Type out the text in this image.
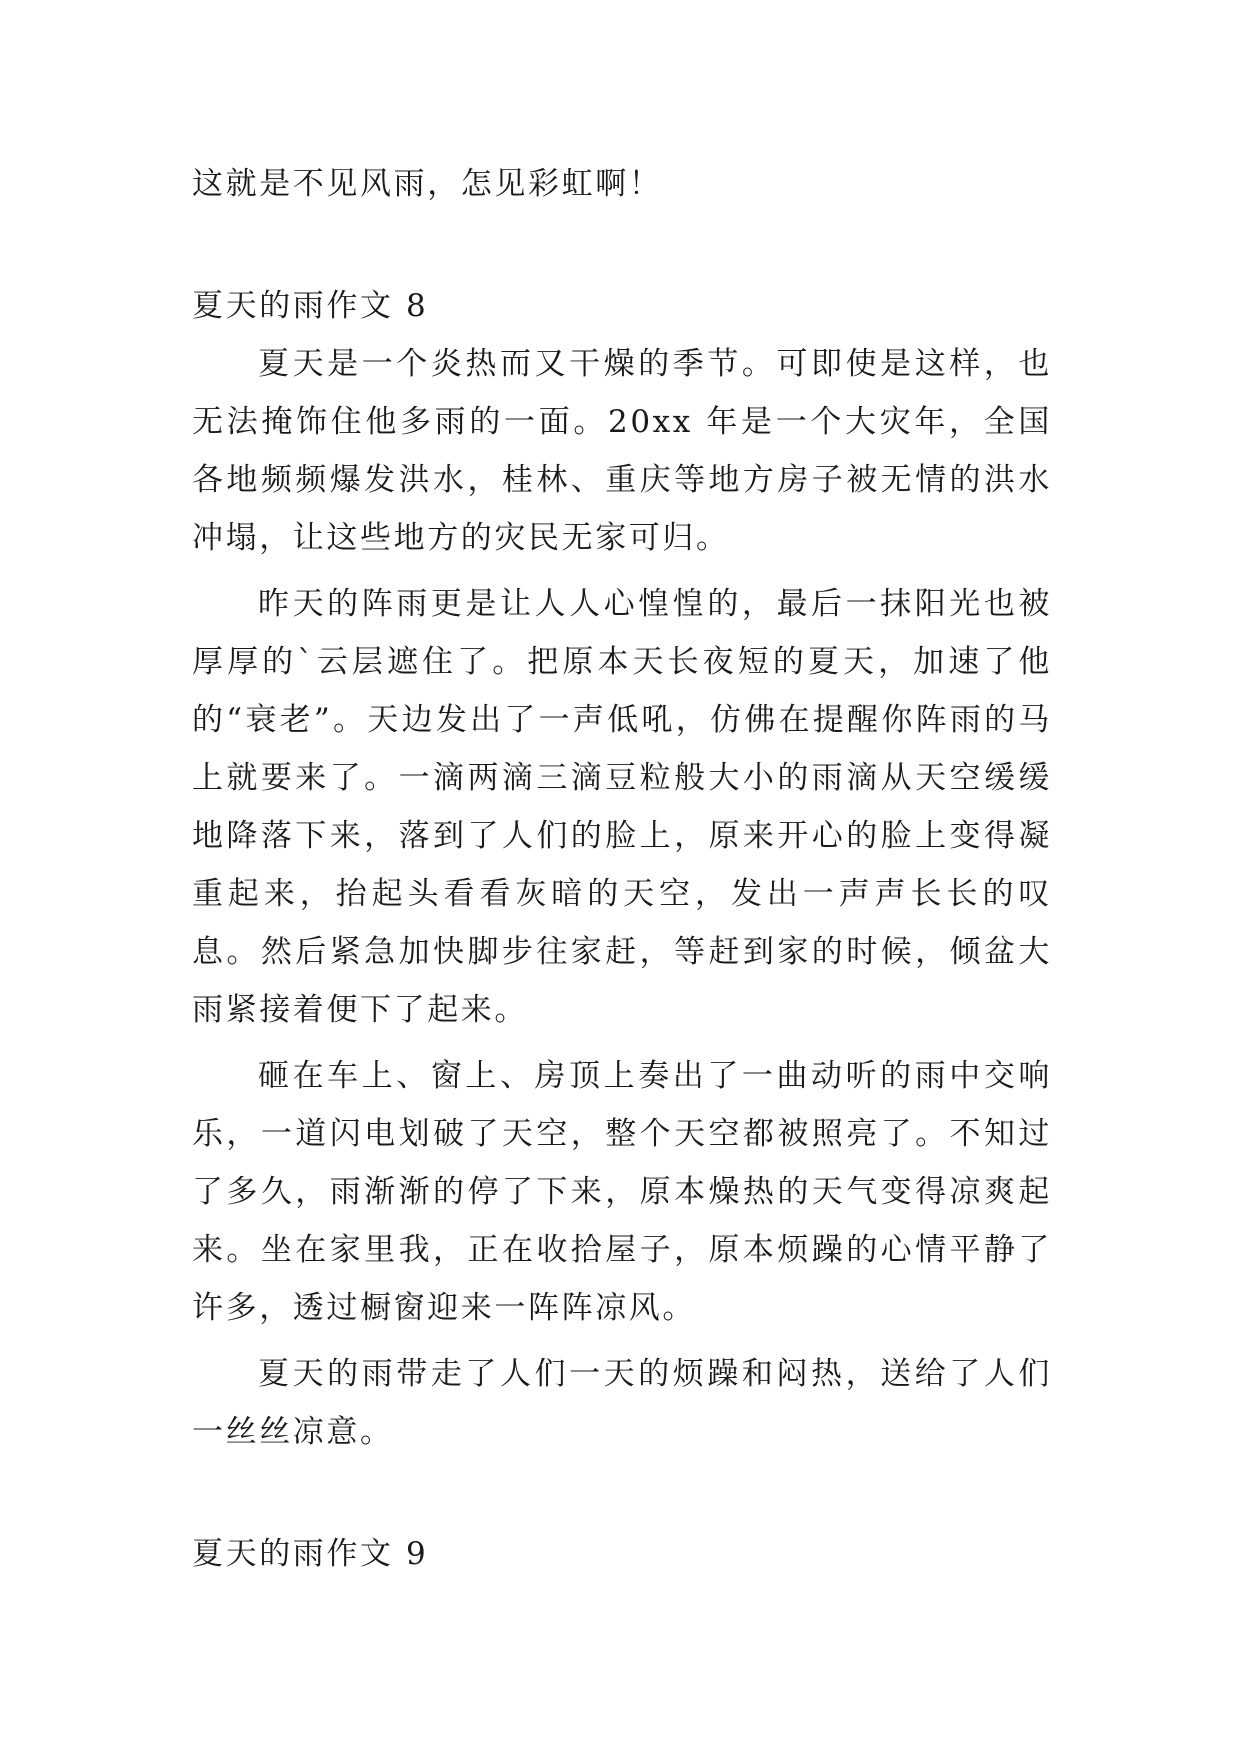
这就是不见风雨，怎见彩虹啊！
夏天的雨作文 8

夏天是一个炎热而又干燥的季节。可即使是这样，也无法掩饰住他多雨的一面。20xx 年是一个大灾年，全国各地频频爆发洪水，桂林、重庆等地方房子被无情的洪水冲塌，让这些地方的灾民无家可归。

昨天的阵雨更是让人人心惶惶的，最后一抹阳光也被厚厚的`云层遮住了。把原本天长夜短的夏天，加速了他的“衰老”。天边发出了一声低吼，仿佛在提醒你阵雨的马上就要来了。一滴两滴三滴豆粒般大小的雨滴从天空缓缓地降落下来，落到了人们的脸上，原来开心的脸上变得凝重起来，抬起头看看灰暗的天空，发出一声声长长的叹息。然后紧急加快脚步往家赶，等赶到家的时候，倾盆大雨紧接着便下了起来。

砸在车上、窗上、房顶上奏出了一曲动听的雨中交响乐，一道闪电划破了天空，整个天空都被照亮了。不知过了多久，雨渐渐的停了下来，原本燥热的天气变得凉爽起来。坐在家里我，正在收拾屋子，原本烦躁的心情平静了许多，透过橱窗迎来一阵阵凉风。

夏天的雨带走了人们一天的烦躁和闷热，送给了人们一丝丝凉意。

夏天的雨作文 9
